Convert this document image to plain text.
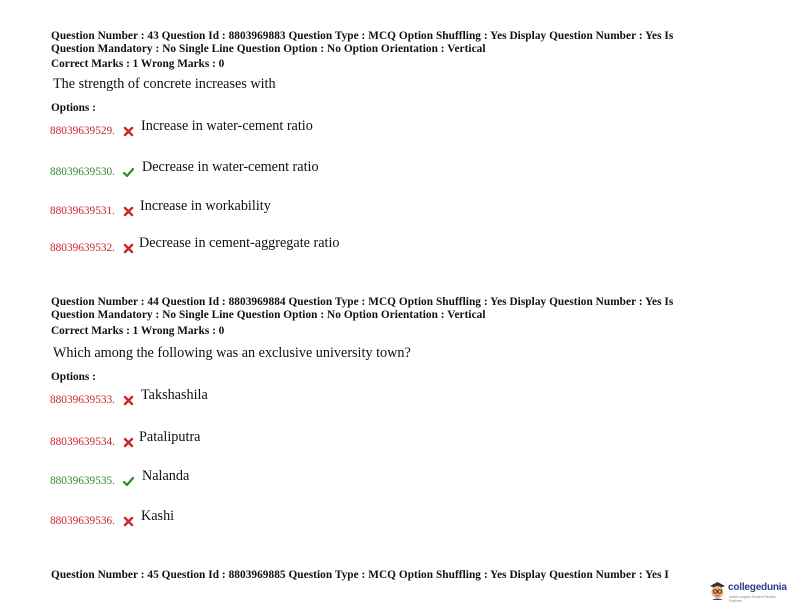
Question Number : 43 Question Id : 8803969883 Question Type : MCQ Option Shuffling : Yes Display Question Number : Yes Is
Question Mandatory : No Single Line Question Option : No Option Orientation : Vertical
Correct Marks : 1 Wrong Marks : 0
The strength of concrete increases with
Options :
88039639529. Increase in water-cement ratio
88039639530. Decrease in water-cement ratio
88039639531. Increase in workability
88039639532. Decrease in cement-aggregate ratio
Question Number : 44 Question Id : 8803969884 Question Type : MCQ Option Shuffling : Yes Display Question Number : Yes Is
Question Mandatory : No Single Line Question Option : No Option Orientation : Vertical
Correct Marks : 1 Wrong Marks : 0
Which among the following was an exclusive university town?
Options :
88039639533. Takshashila
88039639534. Pataliputra
88039639535. Nalanda
88039639536. Kashi
Question Number : 45 Question Id : 8803969885 Question Type : MCQ Option Shuffling : Yes Display Question Number : Yes I
collegedunia
India's largest Student Review Platform
